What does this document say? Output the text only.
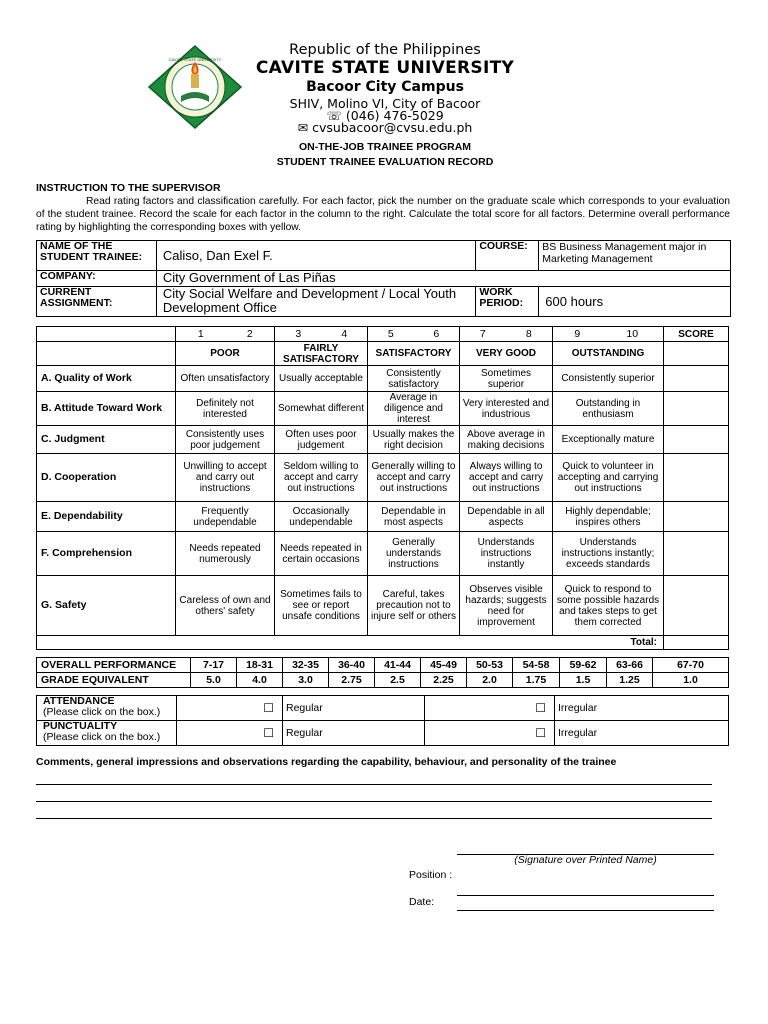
CAVITE STATE UNIVERSITY
Republic of the Philippines
CAVITE STATE UNIVERSITY
Bacoor City Campus
SHIV, Molino VI, City of Bacoor
☏ (046) 476-5029
✉ cvsubacoor@cvsu.edu.ph
ON-THE-JOB TRAINEE PROGRAM
STUDENT TRAINEE EVALUATION RECORD
INSTRUCTION TO THE SUPERVISOR
Read rating factors and classification carefully. For each factor, pick the number on the graduate scale which corresponds to your evaluation of the student trainee. Record the scale for each factor in the column to the right. Calculate the total score for all factors. Determine overall performance rating by highlighting the corresponding boxes with yellow.
NAME OF THE STUDENT TRAINEE:	Caliso, Dan Exel F.	COURSE:	BS Business Management major in Marketing Management
COMPANY:	City Government of Las Piñas		
CURRENT ASSIGNMENT:	City Social Welfare and Development / Local Youth Development Office	WORK PERIOD:	600 hours
	1	2	3	4	5	6	7	8	9	10	SCORE
	POOR		FAIRLY SATISFACTORY		SATISFACTORY		VERY GOOD		OUTSTANDING		
A. Quality of Work	Often unsatisfactory		Usually acceptable		Consistently satisfactory		Sometimes superior		Consistently superior		
B. Attitude Toward Work	Definitely not interested		Somewhat different		Average in diligence and interest		Very interested and industrious		Outstanding in enthusiasm		
C. Judgment	Consistently uses poor judgement		Often uses poor judgement		Usually makes the right decision		Above average in making decisions		Exceptionally mature		
D. Cooperation	Unwilling to accept and carry out instructions		Seldom willing to accept and carry out instructions		Generally willing to accept and carry out instructions		Always willing to accept and carry out instructions		Quick to volunteer in accepting and carrying out instructions		
E. Dependability	Frequently undependable		Occasionally undependable		Dependable in most aspects		Dependable in all aspects		Highly dependable; inspires others		
F. Comprehension	Needs repeated numerously		Needs repeated in certain occasions		Generally understands instructions		Understands instructions instantly		Understands instructions instantly; exceeds standards		
G. Safety	Careless of own and others' safety		Sometimes fails to see or report unsafe conditions		Careful, takes precaution not to injure self or others		Observes visible hazards; suggests need for improvement		Quick to respond to some possible hazards and takes steps to get them corrected		
Total:											
OVERALL PERFORMANCE	7-17	18-31	32-35	36-40	41-44	45-49	50-53	54-58	59-62	63-66	67-70
GRADE EQUIVALENT	5.0	4.0	3.0	2.75	2.5	2.25	2.0	1.75	1.5	1.25	1.0
ATTENDANCE
(Please click on the box.)	☐	Regular	☐	Irregular
PUNCTUALITY
(Please click on the box.)	☐	Regular	☐	Irregular
Comments, general impressions and observations regarding the capability, behaviour, and personality of the trainee
(Signature over Printed Name)
Position :
Date:
